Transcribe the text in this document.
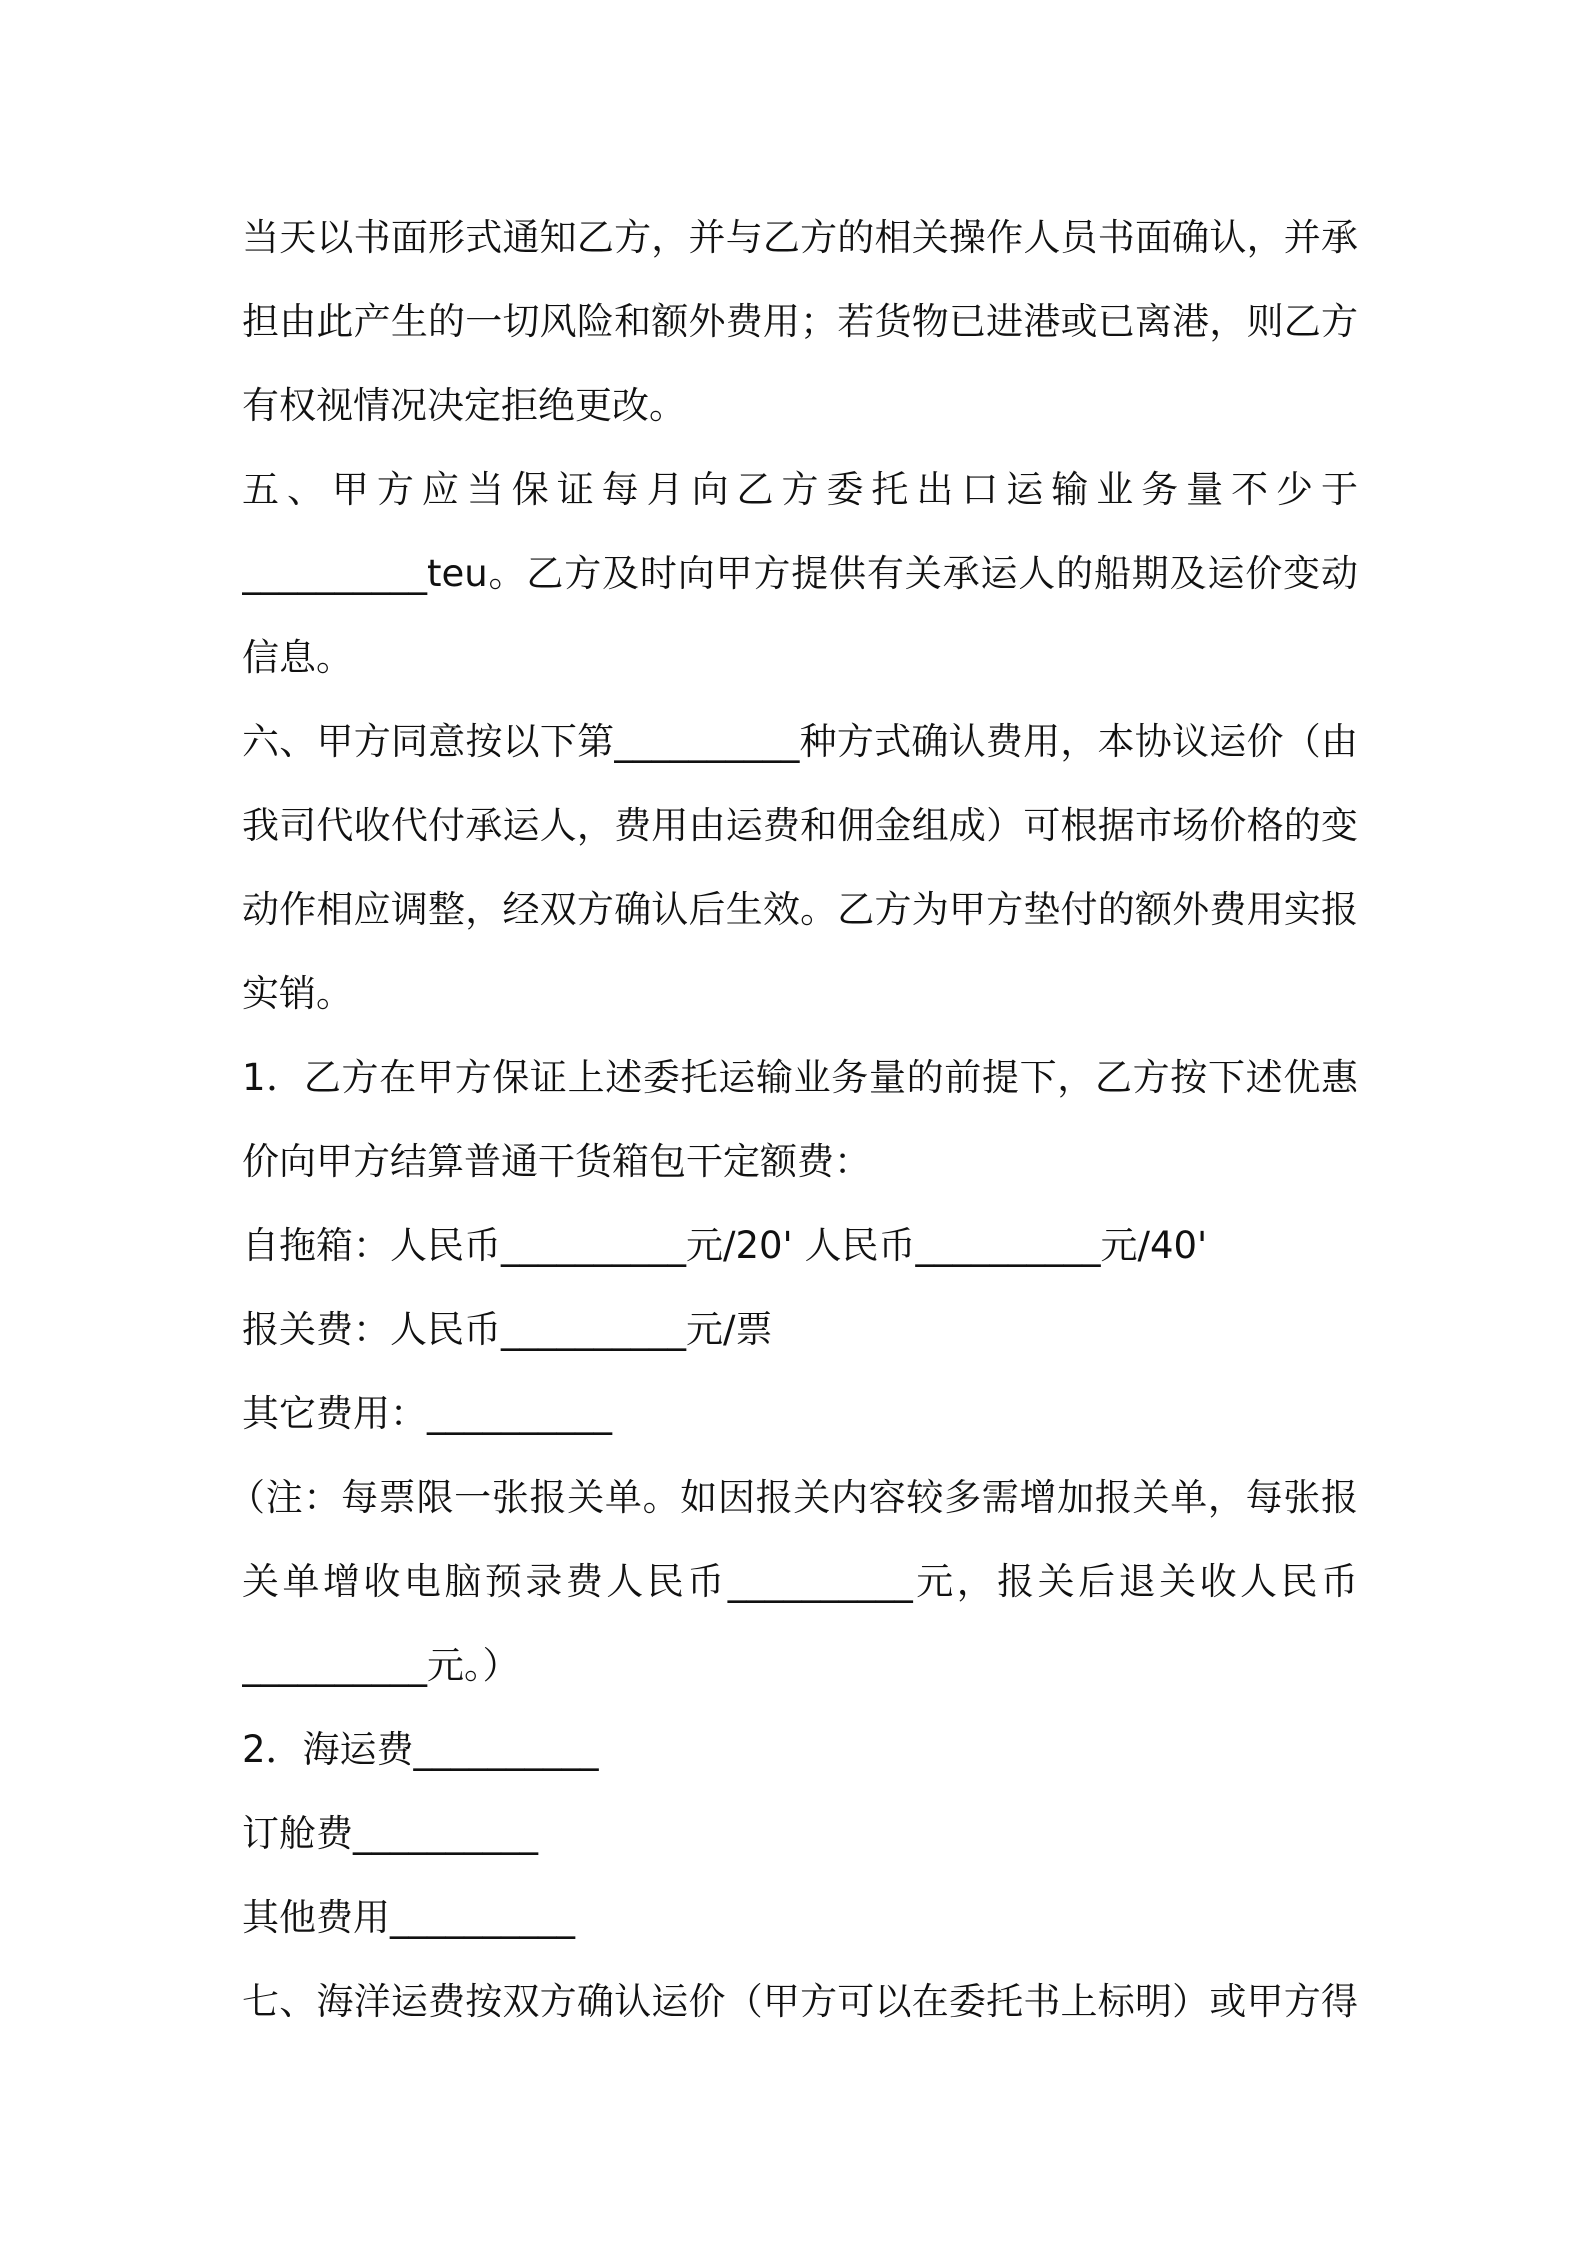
当天以书面形式通知乙方，并与乙方的相关操作人员书面确认，并承
担由此产生的一切风险和额外费用；若货物已进港或已离港，则乙方
有权视情况决定拒绝更改。
五、甲方应当保证每月向乙方委托出口运输业务量不少于
__________teu。乙方及时向甲方提供有关承运人的船期及运价变动
信息。
六、甲方同意按以下第__________种方式确认费用，本协议运价（由
我司代收代付承运人，费用由运费和佣金组成）可根据市场价格的变
动作相应调整，经双方确认后生效。乙方为甲方垫付的额外费用实报
实销。
1．乙方在甲方保证上述委托运输业务量的前提下，乙方按下述优惠
价向甲方结算普通干货箱包干定额费：
自拖箱：人民币__________元/20' 人民币__________元/40'
报关费：人民币__________元/票
其它费用：__________
（注：每票限一张报关单。如因报关内容较多需增加报关单，每张报
关单增收电脑预录费人民币__________元，报关后退关收人民币
__________元。）
2．海运费__________
订舱费__________
其他费用__________
七、海洋运费按双方确认运价（甲方可以在委托书上标明）或甲方得
